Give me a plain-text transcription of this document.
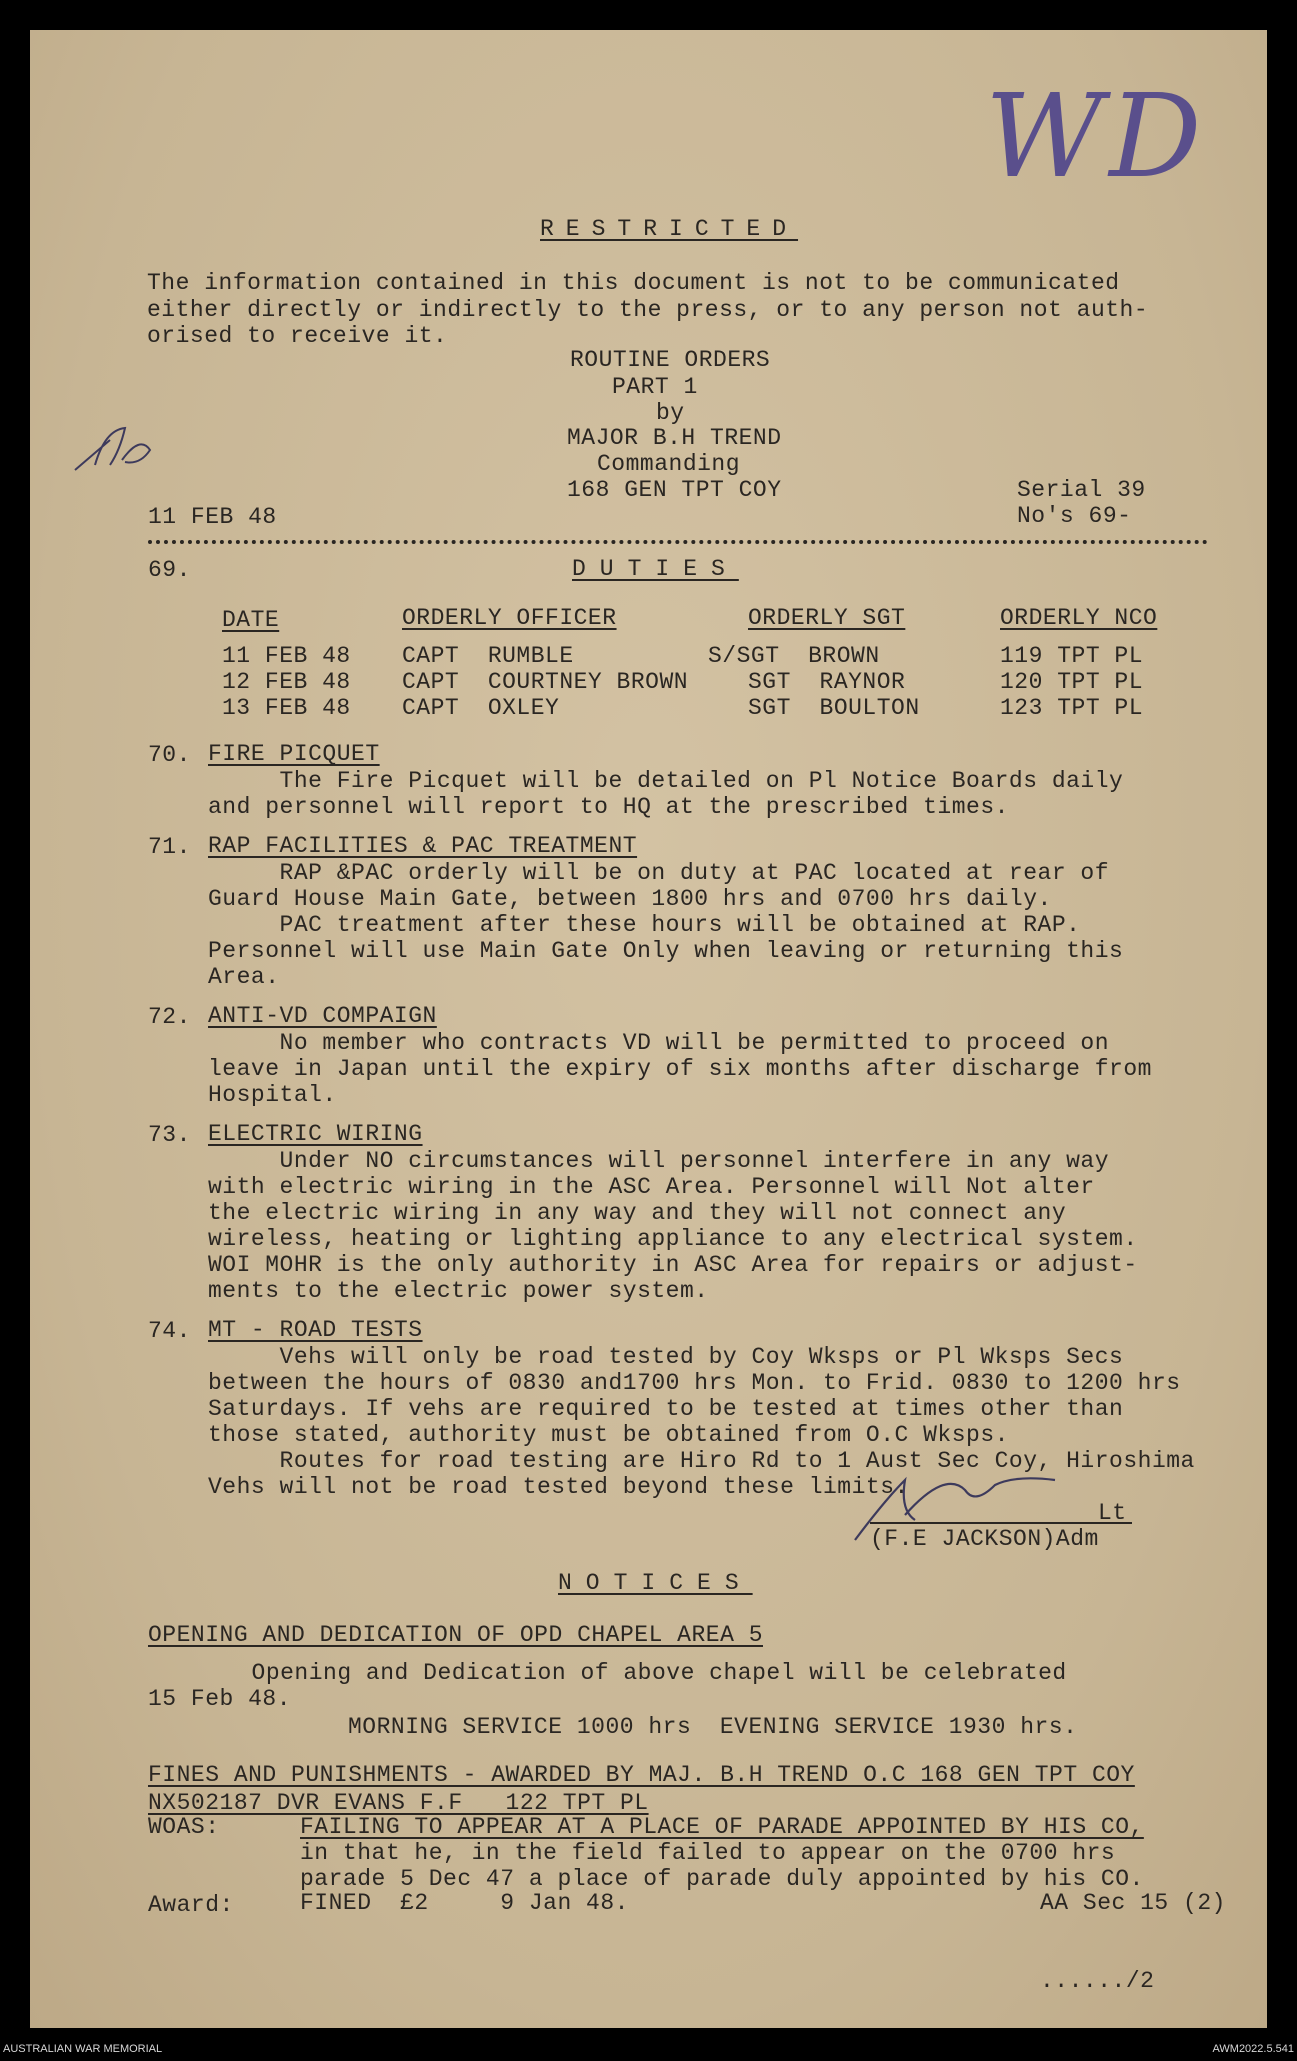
WD
RESTRICTED
The information contained in this document is not to be communicated
either directly or indirectly to the press, or to any person not auth-
orised to receive it.
ROUTINE ORDERS
PART 1
by
MAJOR B.H TREND
Commanding
168 GEN TPT COY
11 FEB 48
Serial 39
No's 69-
69.	DUTIES
DATE	ORDERLY OFFICER	ORDERLY SGT	ORDERLY NCO
11 FEB 48 CAPT  RUMBLE	S/SGT  BROWN	119 TPT PL
12 FEB 48 CAPT  COURTNEY BROWN	SGT  RAYNOR	120 TPT PL
13 FEB 48 CAPT  OXLEY	SGT  BOULTON	123 TPT PL
70. FIRE PICQUET
The Fire Picquet will be detailed on Pl Notice Boards daily
and personnel will report to HQ at the prescribed times.
71. RAP FACILITIES & PAC TREATMENT
RAP &PAC orderly will be on duty at PAC located at rear of
Guard House Main Gate, between 1800 hrs and 0700 hrs daily.
PAC treatment after these hours will be obtained at RAP.
Personnel will use Main Gate Only when leaving or returning this
Area.
72. ANTI-VD COMPAIGN
No member who contracts VD will be permitted to proceed on
leave in Japan until the expiry of six months after discharge from
Hospital.
73. ELECTRIC WIRING
Under NO circumstances will personnel interfere in any way
with electric wiring in the ASC Area. Personnel will Not alter
the electric wiring in any way and they will not connect any
wireless, heating or lighting appliance to any electrical system.
WOI MOHR is the only authority in ASC Area for repairs or adjust-
ments to the electric power system.
74. MT - ROAD TESTS
Vehs will only be road tested by Coy Wksps or Pl Wksps Secs
between the hours of 0830 and1700 hrs Mon. to Frid. 0830 to 1200 hrs
Saturdays. If vehs are required to be tested at times other than
those stated, authority must be obtained from O.C Wksps.
Routes for road testing are Hiro Rd to 1 Aust Sec Coy, Hiroshima
Vehs will not be road tested beyond these limits.
Lt
(F.E JACKSON)Adm
NOTICES
OPENING AND DEDICATION OF OPD CHAPEL AREA 5
Opening and Dedication of above chapel will be celebrated
15 Feb 48.
MORNING SERVICE 1000 hrs  EVENING SERVICE 1930 hrs.
FINES AND PUNISHMENTS - AWARDED BY MAJ. B.H TREND O.C 168 GEN TPT COY
NX502187 DVR EVANS F.F   122 TPT PL
WOAS:	FAILING TO APPEAR AT A PLACE OF PARADE APPOINTED BY HIS CO,
in that he, in the field failed to appear on the 0700 hrs
parade 5 Dec 47 a place of parade duly appointed by his CO.
Award:	FINED  £2     9 Jan 48.	AA Sec 15 (2)
....../2
AUSTRALIAN WAR MEMORIAL	AWM2022.5.541
